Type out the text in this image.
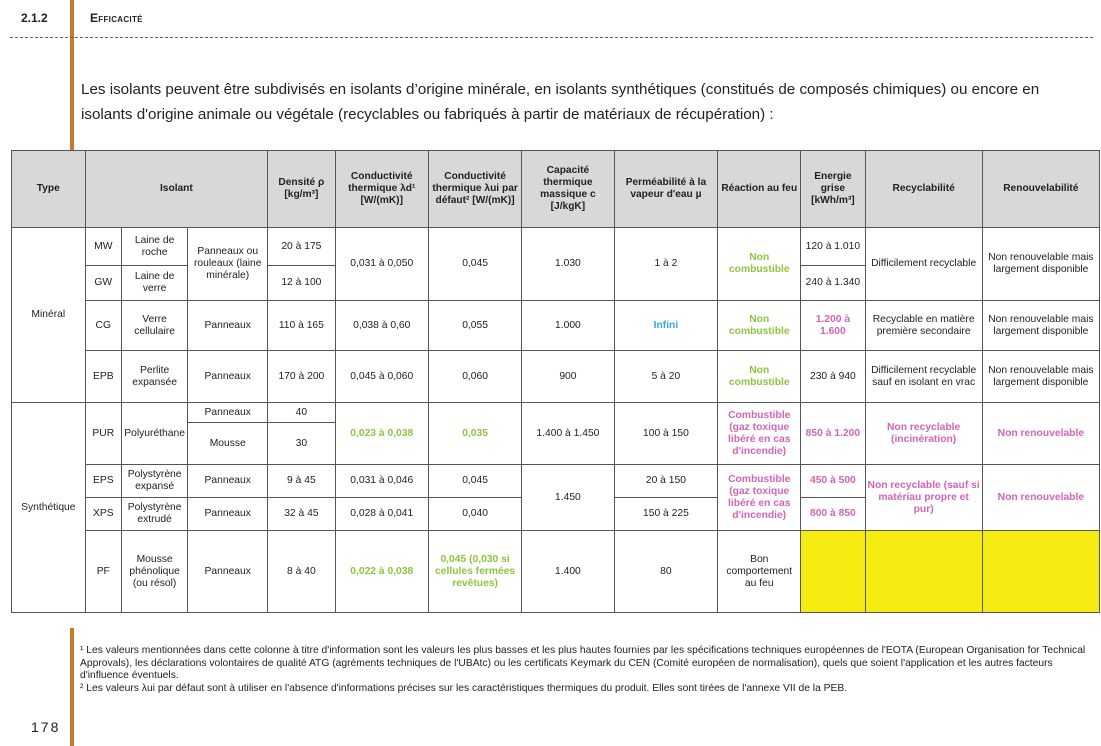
2.1.2	Efficacité
Les isolants peuvent être subdivisés en isolants d’origine minérale, en isolants synthétiques (constitués de composés chimiques) ou encore en isolants d'origine animale ou végétale (recyclables ou fabriqués à partir de matériaux de récupération) :
Type	Isolant			Densité ρ [kg/m³]	Conductivité thermique λd¹ [W/(mK)]	Conductivité thermique λui par défaut² [W/(mK)]	Capacité thermique massique c [J/kgK]	Perméabilité à la vapeur d'eau µ	Réaction au feu	Energie grise [kWh/m³]	Recyclabilité	Renouvelabilité
Minéral	MW	Laine de roche	Panneaux ou rouleaux (laine minérale)	20 à 175	0,031 à 0,050	0,045	1.030	1 à 2	Non combustible	120 à 1.010	Difficilement recyclable	Non renouvelable mais largement disponible
	GW	Laine de verre		12 à 100						240 à 1.340		
	CG	Verre cellulaire	Panneaux	110 à 165	0,038 à 0,60	0,055	1.000	Infini	Non combustible	1.200 à 1.600	Recyclable en matière première secondaire	Non renouvelable mais largement disponible
	EPB	Perlite expansée	Panneaux	170 à 200	0,045 à 0,060	0,060	900	5 à 20	Non combustible	230 à 940	Difficilement recyclable sauf en isolant en vrac	Non renouvelable mais largement disponible
Synthétique	PUR	Polyuréthane	Panneaux	40	0,023 à 0,038	0,035	1.400 à 1.450	100 à 150	Combustible (gaz toxique libéré en cas d'incendie)	850 à 1.200	Non recyclable (incinération)	Non renouvelable
			Mousse	30								
	EPS	Polystyrène expansé	Panneaux	9 à 45	0,031 à 0,046	0,045	1.450	20 à 150	Combustible (gaz toxique libéré en cas d'incendie)	450 à 500	Non recyclable (sauf si matériau propre et pur)	Non renouvelable
	XPS	Polystyrène extrudé	Panneaux	32 à 45	0,028 à 0,041	0,040		150 à 225		800 à 850		
	PF	Mousse phénolique (ou résol)	Panneaux	8 à 40	0,022 à 0,038	0,045 (0,030 si cellules fermées revêtues)	1.400	80	Bon comportement au feu			

¹ Les valeurs mentionnées dans cette colonne à titre d'information sont les valeurs les plus basses et les plus hautes fournies par les spécifications techniques européennes de l'EOTA (European Organisation for Technical Approvals), les déclarations volontaires de qualité ATG (agréments techniques de l'UBAtc) ou les certificats Keymark du CEN (Comité européen de normalisation), quels que soient l'application et les autres facteurs d'influence éventuels.

² Les valeurs λui par défaut sont à utiliser en l'absence d'informations précises sur les caractéristiques thermiques du produit. Elles sont tirées de l'annexe VII de la PEB.

178
